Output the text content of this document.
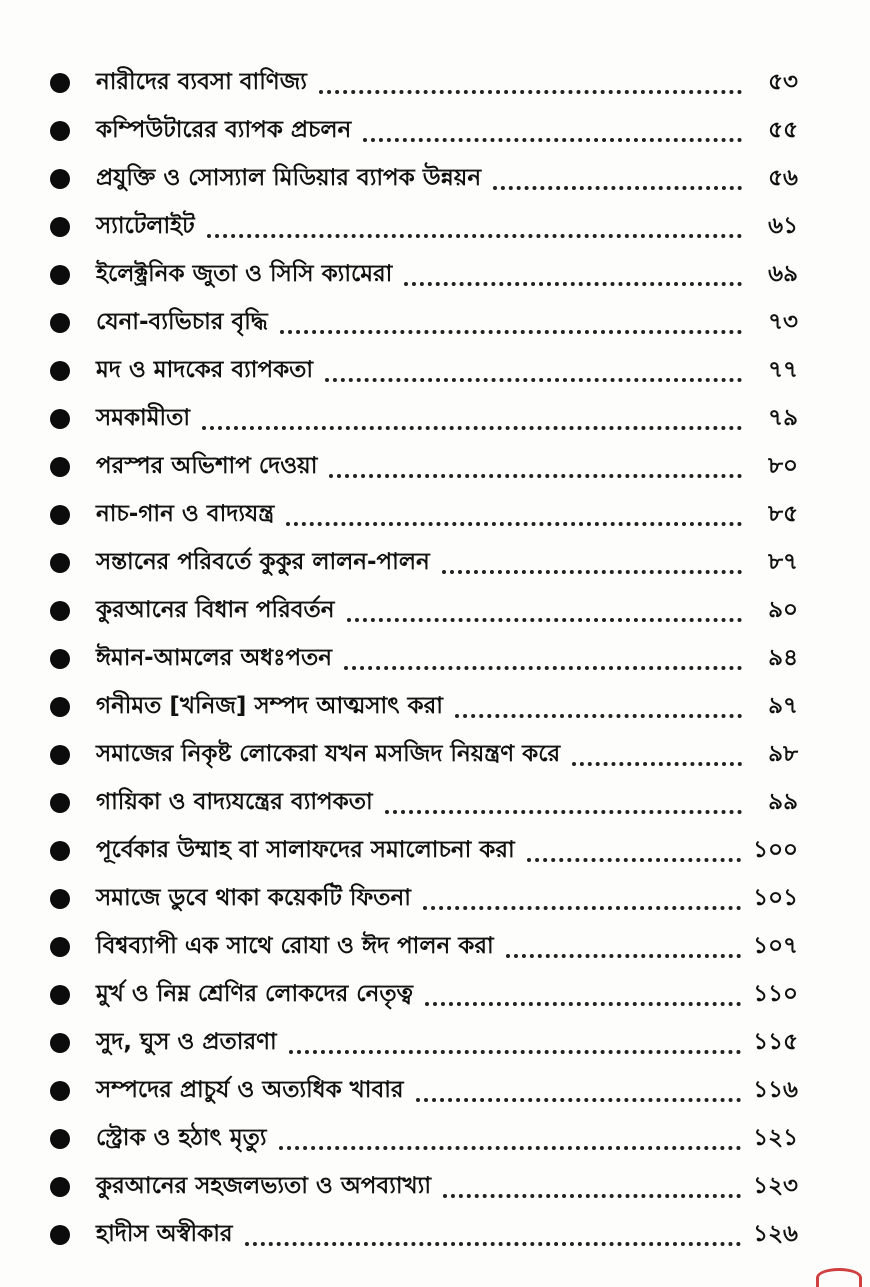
নারীদের ব্যবসা বাণিজ্য	৫৩
কম্পিউটারের ব্যাপক প্রচলন	৫৫
প্রযুক্তি ও সোস্যাল মিডিয়ার ব্যাপক উন্নয়ন	৫৬
স্যাটেলাইট	৬১
ইলেক্ট্রনিক জুতা ও সিসি ক্যামেরা	৬৯
যেনা-ব্যভিচার বৃদ্ধি	৭৩
মদ ও মাদকের ব্যাপকতা	৭৭
সমকামীতা	৭৯
পরস্পর অভিশাপ দেওয়া	৮০
নাচ-গান ও বাদ্যযন্ত্র	৮৫
সন্তানের পরিবর্তে কুকুর লালন-পালন	৮৭
কুরআনের বিধান পরিবর্তন	৯০
ঈমান-আমলের অধঃপতন	৯৪
গনীমত [খনিজ] সম্পদ আত্মসাৎ করা	৯৭
সমাজের নিকৃষ্ট লোকেরা যখন মসজিদ নিয়ন্ত্রণ করে	৯৮
গায়িকা ও বাদ্যযন্ত্রের ব্যাপকতা	৯৯
পূর্বেকার উম্মাহ বা সালাফদের সমালোচনা করা	১০০
সমাজে ডুবে থাকা কয়েকটি ফিতনা	১০১
বিশ্বব্যাপী এক সাথে রোযা ও ঈদ পালন করা	১০৭
মুর্খ ও নিম্ন শ্রেণির লোকদের নেতৃত্ব	১১০
সুদ, ঘুস ও প্রতারণা	১১৫
সম্পদের প্রাচুর্য ও অত্যধিক খাবার	১১৬
স্ট্রোক ও হঠাৎ মৃত্যু	১২১
কুরআনের সহজলভ্যতা ও অপব্যাখ্যা	১২৩
হাদীস অস্বীকার	১২৬
